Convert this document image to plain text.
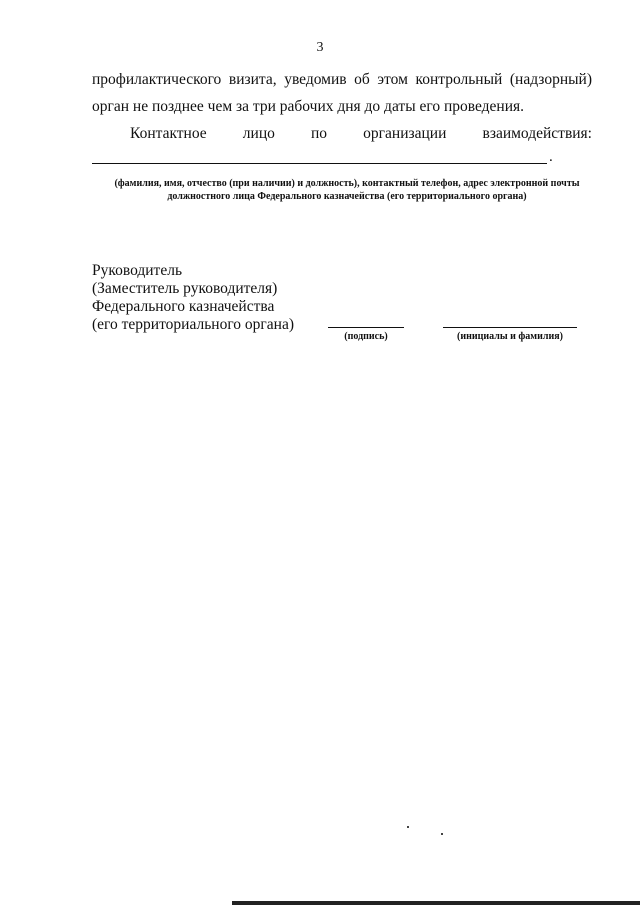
3
профилактического визита, уведомив об этом контрольный (надзорный)
орган не позднее чем за три рабочих дня до даты его проведения.
Контактное лицо по организации взаимодействия:
.
(фамилия, имя, отчество (при наличии) и должность), контактный телефон, адрес электронной почты
должностного лица Федерального казначейства (его территориального органа)
Руководитель
(Заместитель руководителя)
Федерального казначейства
(его территориального органа)
(подпись)	(инициалы и фамилия)
